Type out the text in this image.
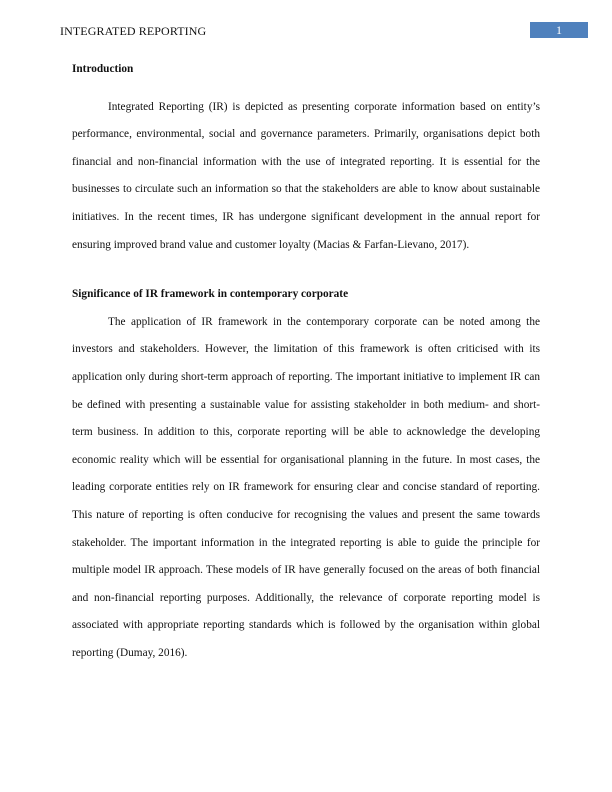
INTEGRATED REPORTING	1

Introduction

Integrated Reporting (IR) is depicted as presenting corporate information based on entity’s performance, environmental, social and governance parameters. Primarily, organisations depict both financial and non-financial information with the use of integrated reporting. It is essential for the businesses to circulate such an information so that the stakeholders are able to know about sustainable initiatives. In the recent times, IR has undergone significant development in the annual report for ensuring improved brand value and customer loyalty (Macias & Farfan-Lievano, 2017).

Significance of IR framework in contemporary corporate

The application of IR framework in the contemporary corporate can be noted among the investors and stakeholders. However, the limitation of this framework is often criticised with its application only during short-term approach of reporting. The important initiative to implement IR can be defined with presenting a sustainable value for assisting stakeholder in both medium- and short-term business. In addition to this, corporate reporting will be able to acknowledge the developing economic reality which will be essential for organisational planning in the future. In most cases, the leading corporate entities rely on IR framework for ensuring clear and concise standard of reporting. This nature of reporting is often conducive for recognising the values and present the same towards stakeholder. The important information in the integrated reporting is able to guide the principle for multiple model IR approach. These models of IR have generally focused on the areas of both financial and non-financial reporting purposes. Additionally, the relevance of corporate reporting model is associated with appropriate reporting standards which is followed by the organisation within global reporting (Dumay, 2016).
